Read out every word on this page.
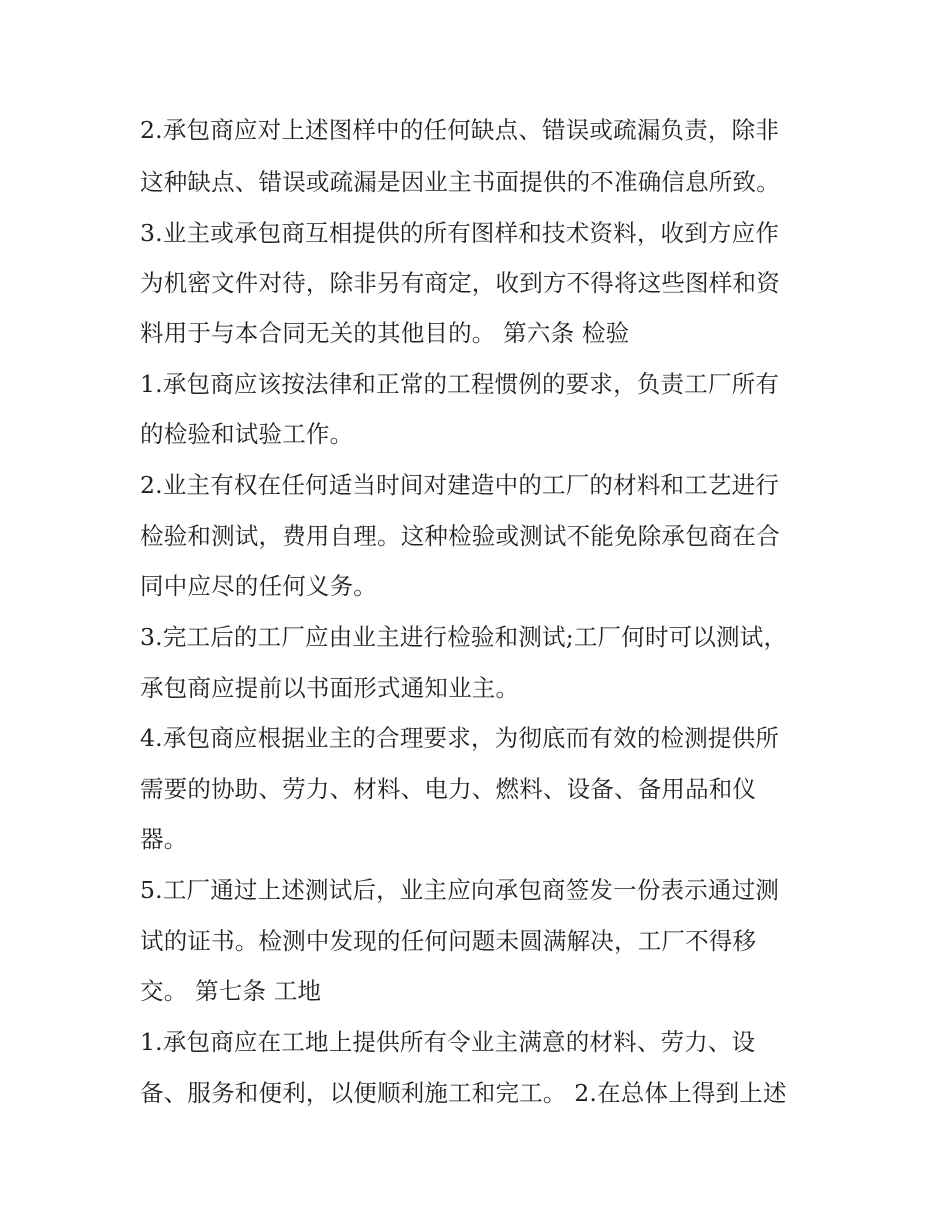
2.承包商应对上述图样中的任何缺点、错误或疏漏负责，除非

这种缺点、错误或疏漏是因业主书面提供的不准确信息所致。

3.业主或承包商互相提供的所有图样和技术资料，收到方应作

为机密文件对待，除非另有商定，收到方不得将这些图样和资

料用于与本合同无关的其他目的。 第六条 检验

1.承包商应该按法律和正常的工程惯例的要求，负责工厂所有

的检验和试验工作。

2.业主有权在任何适当时间对建造中的工厂的材料和工艺进行

检验和测试，费用自理。这种检验或测试不能免除承包商在合

同中应尽的任何义务。

3.完工后的工厂应由业主进行检验和测试;工厂何时可以测试，

承包商应提前以书面形式通知业主。

4.承包商应根据业主的合理要求，为彻底而有效的检测提供所

需要的协助、劳力、材料、电力、燃料、设备、备用品和仪

器。

5.工厂通过上述测试后，业主应向承包商签发一份表示通过测

试的证书。检测中发现的任何问题未圆满解决，工厂不得移

交。 第七条 工地

1.承包商应在工地上提供所有令业主满意的材料、劳力、设

备、服务和便利，以便顺利施工和完工。 2.在总体上得到上述
